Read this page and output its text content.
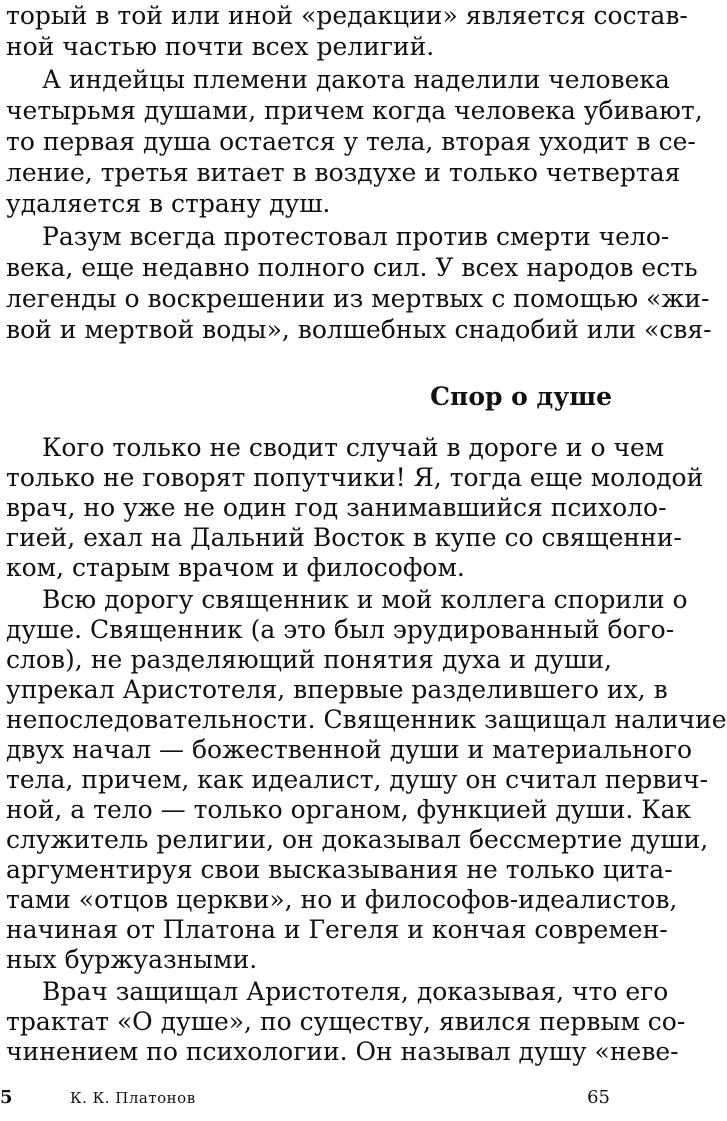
торый в той или иной «редакции» является состав-
ной частью почти всех религий.
А индейцы племени дакота наделили человека
четырьмя душами, причем когда человека убивают,
то первая душа остается у тела, вторая уходит в се-
ление, третья витает в воздухе и только четвертая
удаляется в страну душ.
Разум всегда протестовал против смерти чело-
века, еще недавно полного сил. У всех народов есть
легенды о воскрешении из мертвых с помощью «жи-
вой и мертвой воды», волшебных снадобий или «свя-
Спор о душе
Кого только не сводит случай в дороге и о чем
только не говорят попутчики! Я, тогда еще молодой
врач, но уже не один год занимавшийся психоло-
гией, ехал на Дальний Восток в купе со священни-
ком, старым врачом и философом.
Всю дорогу священник и мой коллега спорили о
душе. Священник (а это был эрудированный бого-
слов), не разделяющий понятия духа и души,
упрекал Аристотеля, впервые разделившего их, в
непоследовательности. Священник защищал наличие
двух начал — божественной души и материального
тела, причем, как идеалист, душу он считал первич-
ной, а тело — только органом, функцией души. Как
служитель религии, он доказывал бессмертие души,
аргументируя свои высказывания не только цита-
тами «отцов церкви», но и философов-идеалистов,
начиная от Платона и Гегеля и кончая современ-
ных буржуазными.
Врач защищал Аристотеля, доказывая, что его
трактат «О душе», по существу, явился первым со-
чинением по психологии. Он называл душу «неве-
5	К. К. Платонов	65
